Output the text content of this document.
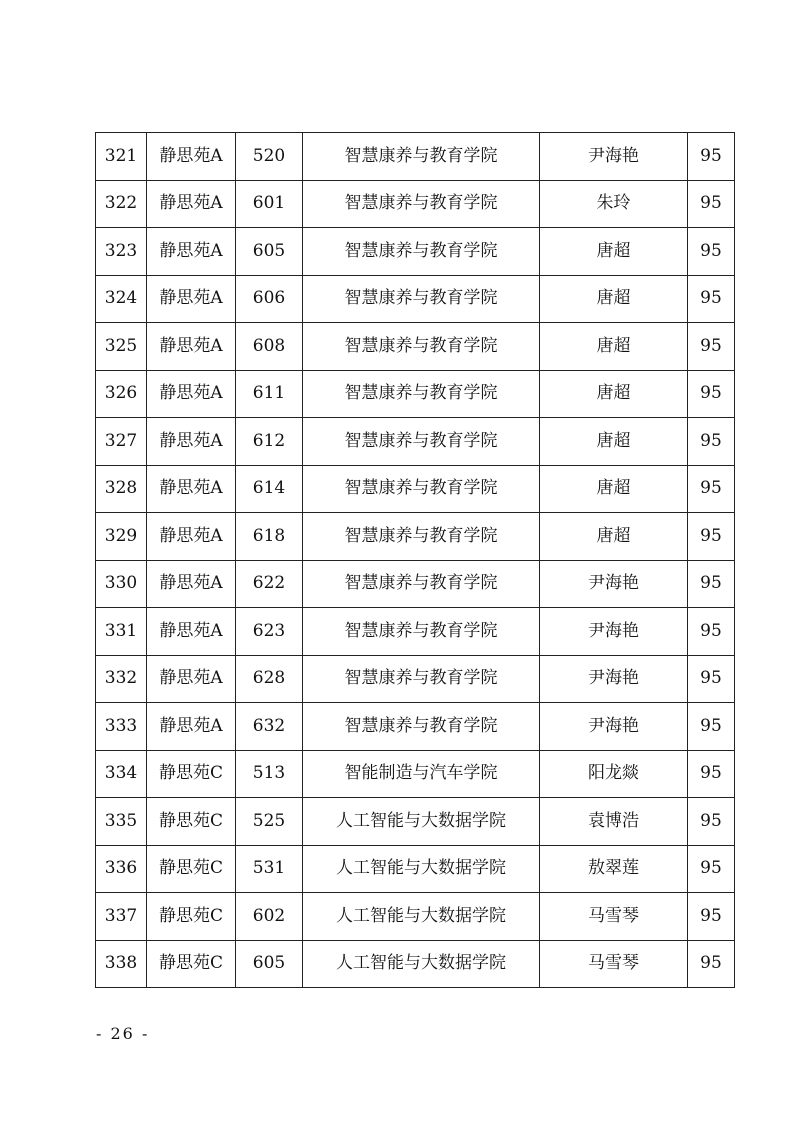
321	静思苑A	520	智慧康养与教育学院	尹海艳	95
322	静思苑A	601	智慧康养与教育学院	朱玲	95
323	静思苑A	605	智慧康养与教育学院	唐超	95
324	静思苑A	606	智慧康养与教育学院	唐超	95
325	静思苑A	608	智慧康养与教育学院	唐超	95
326	静思苑A	611	智慧康养与教育学院	唐超	95
327	静思苑A	612	智慧康养与教育学院	唐超	95
328	静思苑A	614	智慧康养与教育学院	唐超	95
329	静思苑A	618	智慧康养与教育学院	唐超	95
330	静思苑A	622	智慧康养与教育学院	尹海艳	95
331	静思苑A	623	智慧康养与教育学院	尹海艳	95
332	静思苑A	628	智慧康养与教育学院	尹海艳	95
333	静思苑A	632	智慧康养与教育学院	尹海艳	95
334	静思苑C	513	智能制造与汽车学院	阳龙燚	95
335	静思苑C	525	人工智能与大数据学院	袁博浩	95
336	静思苑C	531	人工智能与大数据学院	敖翠莲	95
337	静思苑C	602	人工智能与大数据学院	马雪琴	95
338	静思苑C	605	人工智能与大数据学院	马雪琴	95
- 26 -
